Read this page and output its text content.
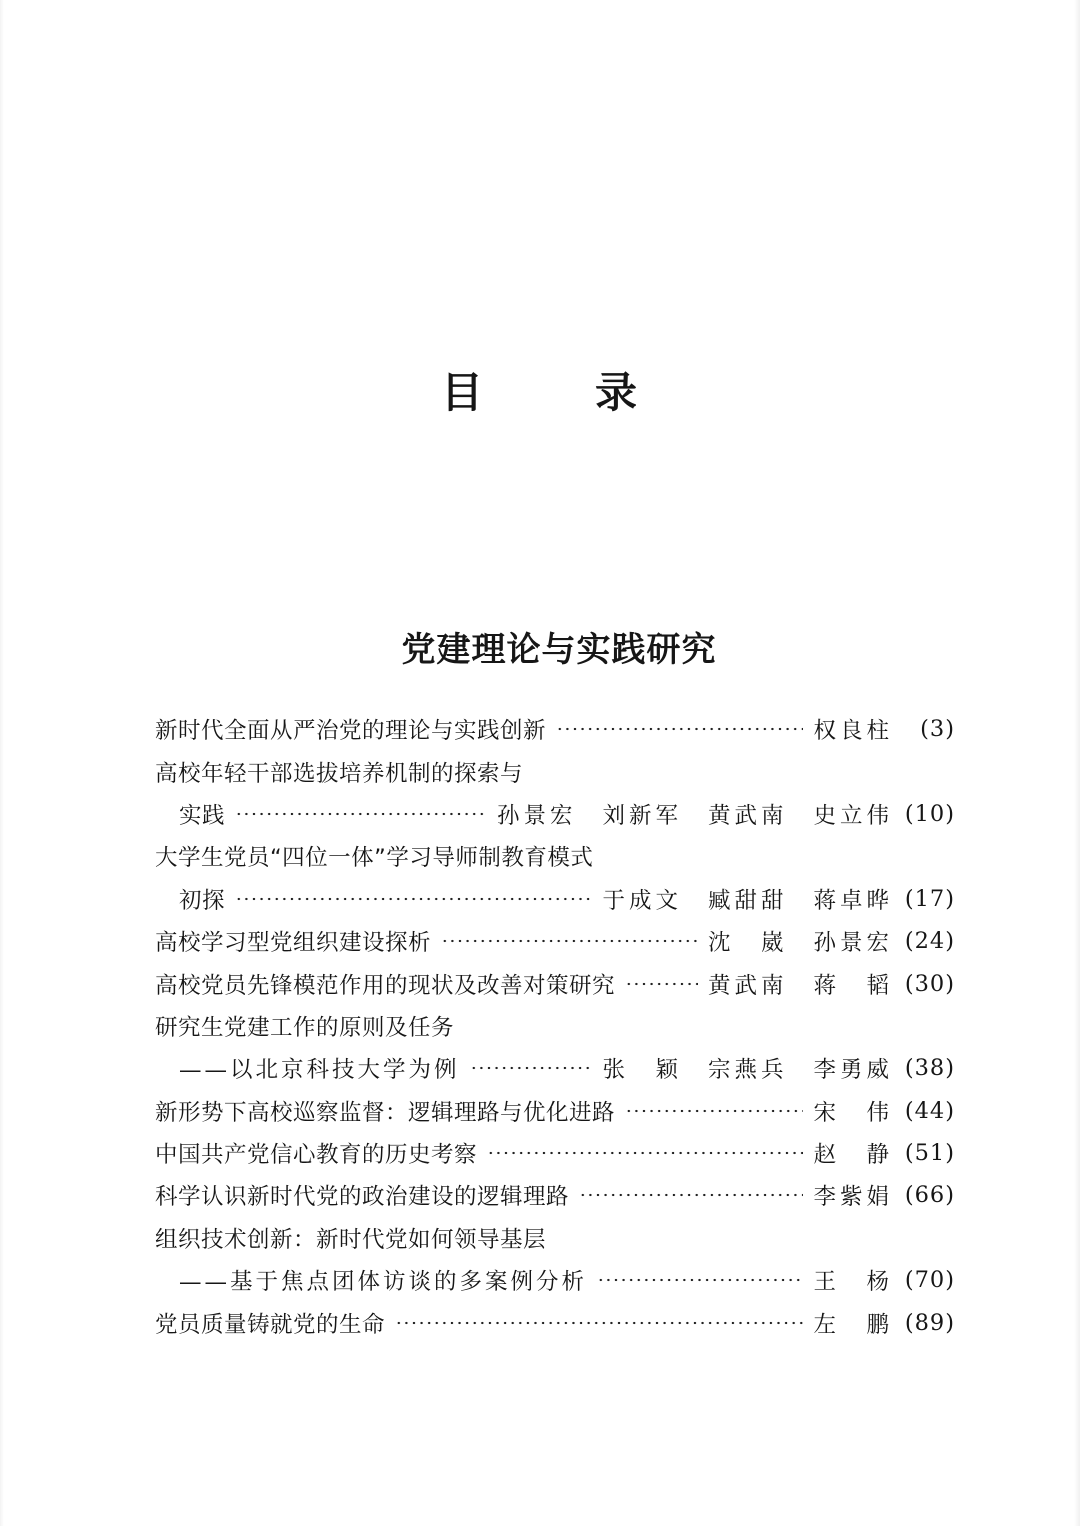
目	录
党建理论与实践研究
新时代全面从严治党的理论与实践创新	权良柱	(3)
高校年轻干部选拔培养机制的探索与
实践	孙景宏 刘新军 黄武南 史立伟 (10)
大学生党员“四位一体”学习导师制教育模式
初探	于成文 臧甜甜 蒋卓晔 (17)
高校学习型党组织建设探析	沈　崴 孙景宏 (24)
高校党员先锋模范作用的现状及改善对策研究	黄武南 蒋　韬 (30)
研究生党建工作的原则及任务
——以北京科技大学为例	张　颖 宗燕兵 李勇威 (38)
新形势下高校巡察监督：逻辑理路与优化进路	宋　伟 (44)
中国共产党信心教育的历史考察	赵　静 (51)
科学认识新时代党的政治建设的逻辑理路	李紫娟 (66)
组织技术创新：新时代党如何领导基层
——基于焦点团体访谈的多案例分析	王　杨 (70)
党员质量铸就党的生命	左　鹏 (89)
